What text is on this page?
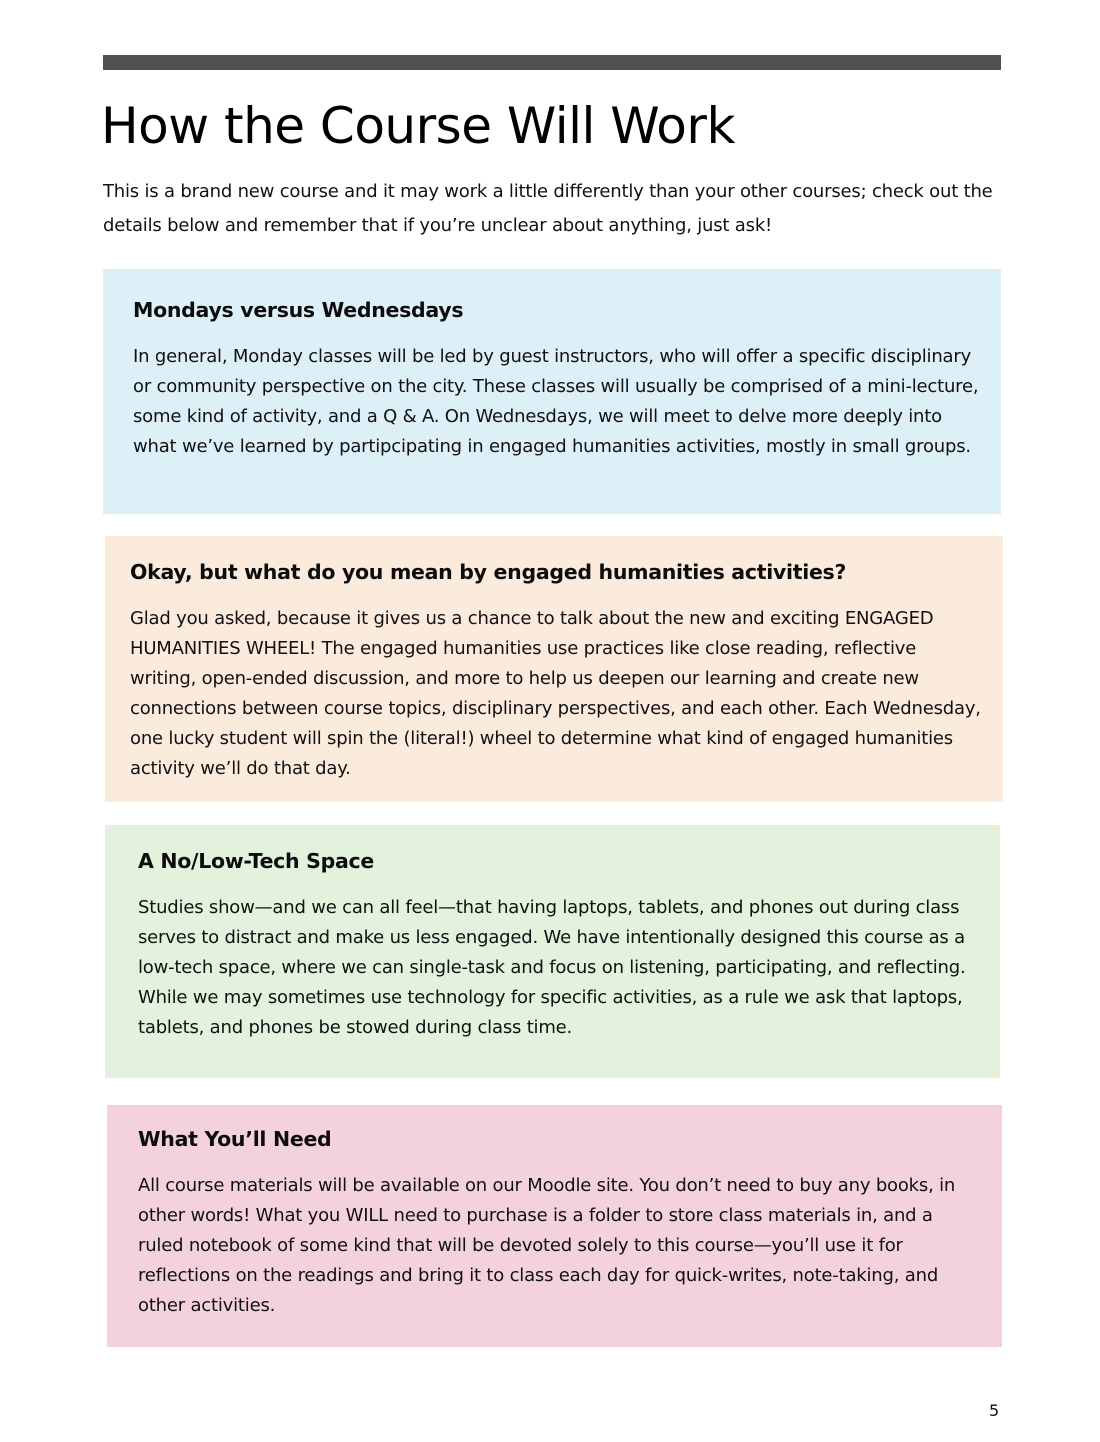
How the Course Will Work

This is a brand new course and it may work a little differently than your other courses; check out the details below and remember that if you’re unclear about anything, just ask!

Mondays versus Wednesdays

In general, Monday classes will be led by guest instructors, who will offer a specific disciplinary or community perspective on the city. These classes will usually be comprised of a mini-lecture, some kind of activity, and a Q & A. On Wednesdays, we will meet to delve more deeply into what we’ve learned by partipcipating in engaged humanities activities, mostly in small groups.

Okay, but what do you mean by engaged humanities activities?

Glad you asked, because it gives us a chance to talk about the new and exciting ENGAGED HUMANITIES WHEEL! The engaged humanities use practices like close reading, reflective writing, open-ended discussion, and more to help us deepen our learning and create new connections between course topics, disciplinary perspectives, and each other. Each Wednesday, one lucky student will spin the (literal!) wheel to determine what kind of engaged humanities activity we’ll do that day.

A No/Low-Tech Space

Studies show—and we can all feel—that having laptops, tablets, and phones out during class serves to distract and make us less engaged. We have intentionally designed this course as a low-tech space, where we can single-task and focus on listening, participating, and reflecting. While we may sometimes use technology for specific activities, as a rule we ask that laptops, tablets, and phones be stowed during class time.

What You’ll Need

All course materials will be available on our Moodle site. You don’t need to buy any books, in other words! What you WILL need to purchase is a folder to store class materials in, and a ruled notebook of some kind that will be devoted solely to this course—you’ll use it for reflections on the readings and bring it to class each day for quick-writes, note-taking, and other activities.

5
